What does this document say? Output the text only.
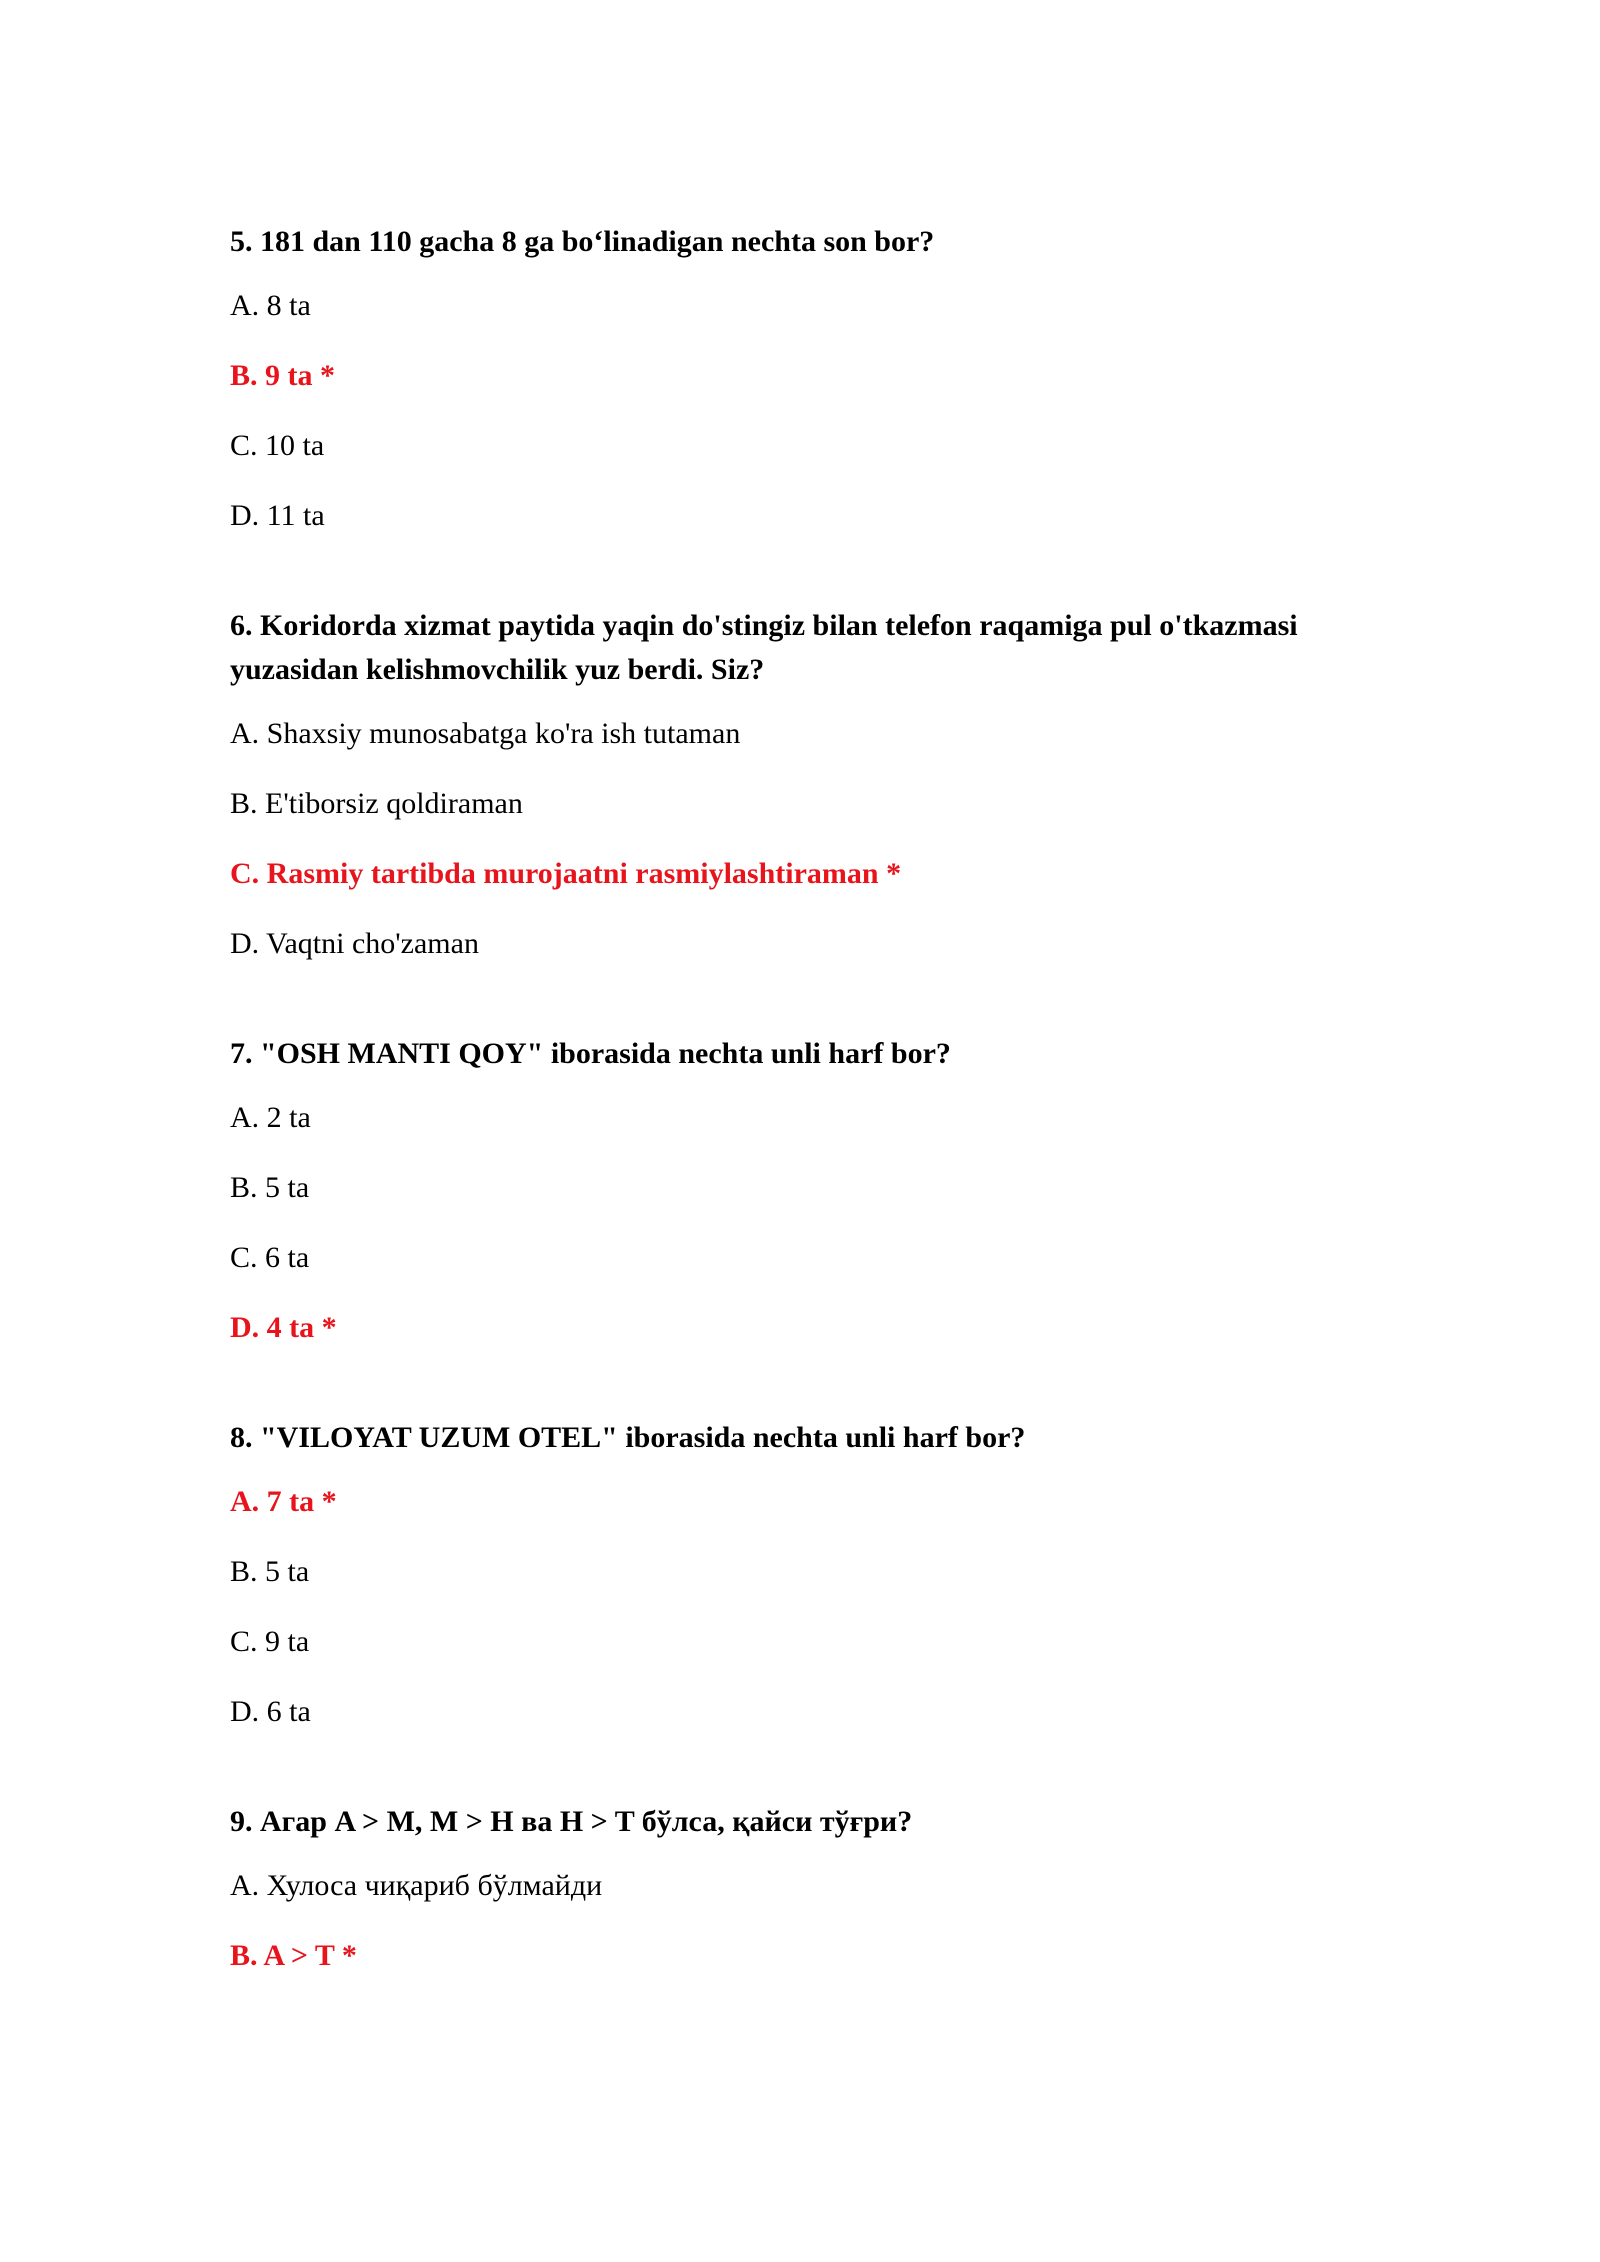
5. 181 dan 110 gacha 8 ga bo‘linadigan nechta son bor?

A. 8 ta

B. 9 ta *

C. 10 ta

D. 11 ta

6. Koridorda xizmat paytida yaqin do'stingiz bilan telefon raqamiga pul o'tkazmasi yuzasidan kelishmovchilik yuz berdi. Siz?

A. Shaxsiy munosabatga ko'ra ish tutaman

B. E'tiborsiz qoldiraman

C. Rasmiy tartibda murojaatni rasmiylashtiraman *

D. Vaqtni cho'zaman

7. "OSH MANTI QOY" iborasida nechta unli harf bor?

A. 2 ta

B. 5 ta

C. 6 ta

D. 4 ta *

8. "VILOYAT UZUM OTEL" iborasida nechta unli harf bor?

A. 7 ta *

B. 5 ta

C. 9 ta

D. 6 ta

9. Агар A > M, M > H ва H > T бўлса, қайси тўғри?

A. Хулоса чиқариб бўлмайди

B. A > T *
